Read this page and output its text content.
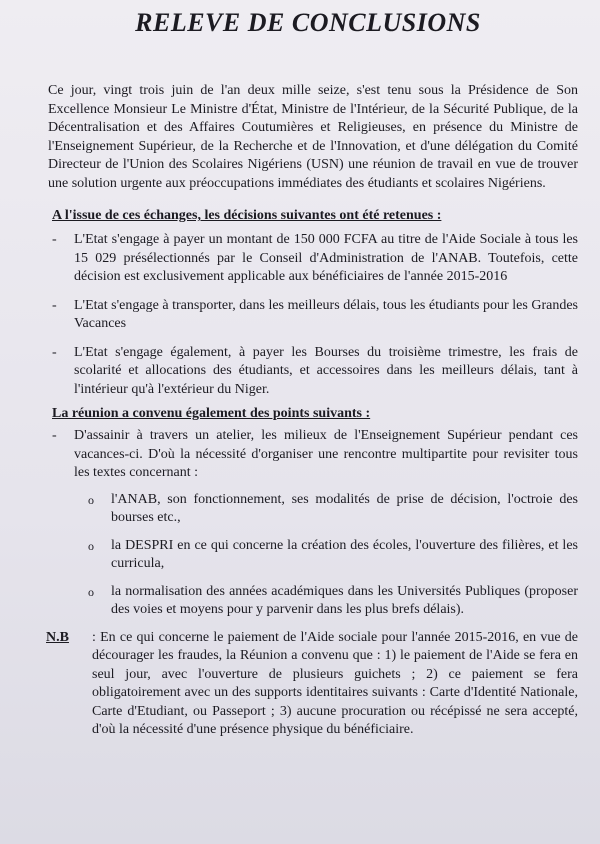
RELEVE DE CONCLUSIONS

Ce jour, vingt trois juin de l'an deux mille seize, s'est tenu sous la Présidence de Son Excellence Monsieur Le Ministre d'État, Ministre de l'Intérieur, de la Sécurité Publique, de la Décentralisation et des Affaires Coutumières et Religieuses, en présence du Ministre de l'Enseignement Supérieur, de la Recherche et de l'Innovation, et d'une délégation du Comité Directeur de l'Union des Scolaires Nigériens (USN) une réunion de travail en vue de trouver une solution urgente aux préoccupations immédiates des étudiants et scolaires Nigériens.

A l'issue de ces échanges, les décisions suivantes ont été retenues :
- L'Etat s'engage à payer un montant de 150 000 FCFA au titre de l'Aide Sociale à tous les 15 029 présélectionnés par le Conseil d'Administration de l'ANAB. Toutefois, cette décision est exclusivement applicable aux bénéficiaires de l'année 2015-2016
- L'Etat s'engage à transporter, dans les meilleurs délais, tous les étudiants pour les Grandes Vacances
- L'Etat s'engage également, à payer les Bourses du troisième trimestre, les frais de scolarité et allocations des étudiants, et accessoires dans les meilleurs délais, tant à l'intérieur qu'à l'extérieur du Niger.
La réunion a convenu également des points suivants :
- D'assainir à travers un atelier, les milieux de l'Enseignement Supérieur pendant ces vacances-ci. D'où la nécessité d'organiser une rencontre multipartite pour revisiter tous les textes concernant :
o l'ANAB, son fonctionnement, ses modalités de prise de décision, l'octroie des bourses etc.,
o la DESPRI en ce qui concerne la création des écoles, l'ouverture des filières, et les curricula,
o la normalisation des années académiques dans les Universités Publiques (proposer des voies et moyens pour y parvenir dans les plus brefs délais).
N.B	: En ce qui concerne le paiement de l'Aide sociale pour l'année 2015-2016, en vue de décourager les fraudes, la Réunion a convenu que : 1) le paiement de l'Aide se fera en seul jour, avec l'ouverture de plusieurs guichets ; 2) ce paiement se fera obligatoirement avec un des supports identitaires suivants : Carte d'Identité Nationale, Carte d'Etudiant, ou Passeport ; 3) aucune procuration ou récépissé ne sera accepté, d'où la nécessité d'une présence physique du bénéficiaire.
